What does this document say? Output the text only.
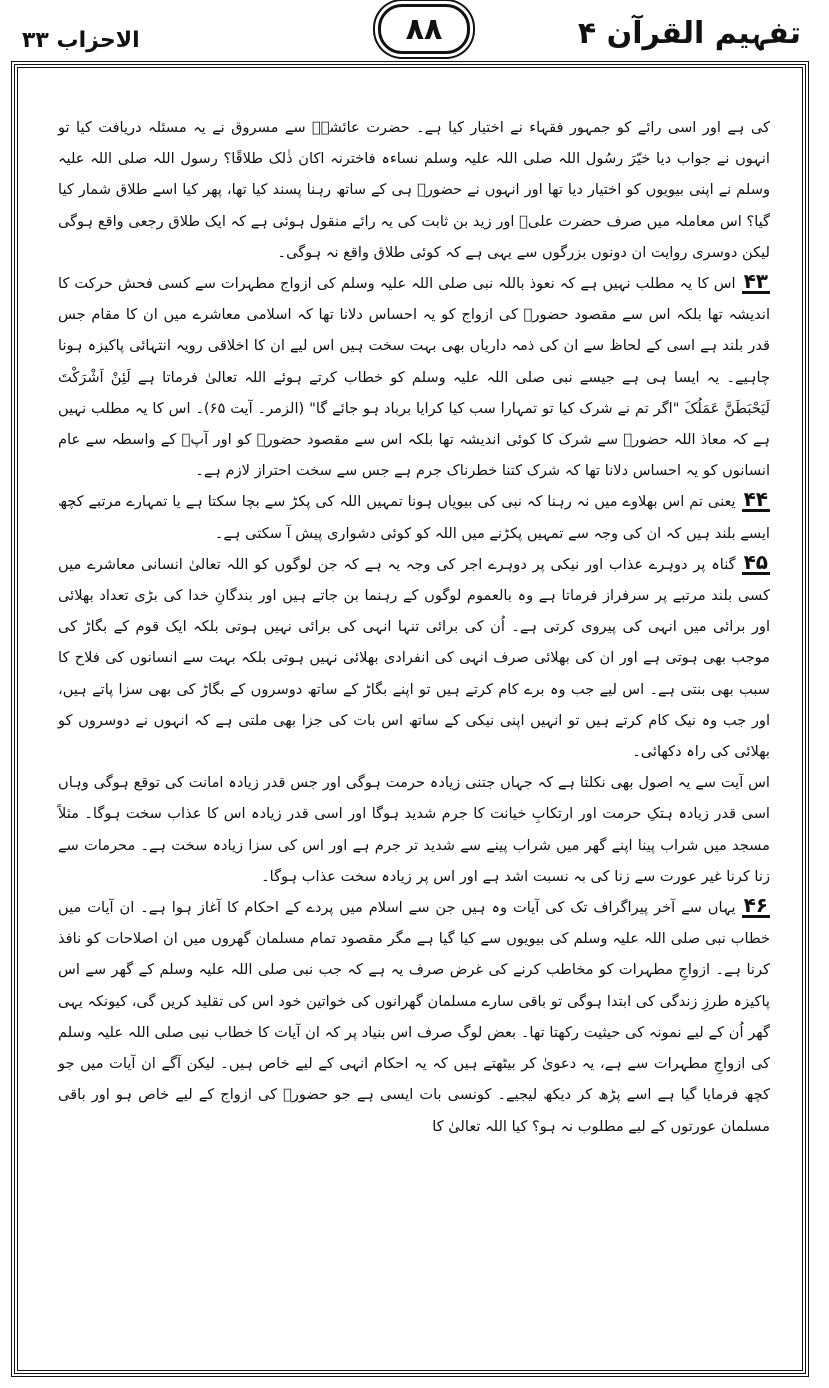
الاحزاب ۳۳	۸۸	تفہیم القرآن ۴

کی ہے اور اسی رائے کو جمہور فقہاء نے اختیار کیا ہے۔ حضرت عائشہؓ سے مسروق نے یہ مسئلہ دریافت کیا تو انہوں نے جواب دیا خیّرَ رسُول اللہ صلی اللہ علیہ وسلم نساءہ فاخترنہ اکان ذٰلک طلاقًا؟ رسول اللہ صلی اللہ علیہ وسلم نے اپنی بیویوں کو اختیار دیا تھا اور انہوں نے حضورؐ ہی کے ساتھ رہنا پسند کیا تھا، پھر کیا اسے طلاق شمار کیا گیا؟ اس معاملہ میں صرف حضرت علیؓ اور زید بن ثابت کی یہ رائے منقول ہوئی ہے کہ ایک طلاق رجعی واقع ہوگی لیکن دوسری روایت ان دونوں بزرگوں سے یہی ہے کہ کوئی طلاق واقع نہ ہوگی۔

۴۳اس کا یہ مطلب نہیں ہے کہ نعوذ باللہ نبی صلی اللہ علیہ وسلم کی ازواج مطہرات سے کسی فحش حرکت کا اندیشہ تھا بلکہ اس سے مقصود حضورؐ کی ازواج کو یہ احساس دلانا تھا کہ اسلامی معاشرے میں ان کا مقام جس قدر بلند ہے اسی کے لحاظ سے ان کی ذمہ داریاں بھی بہت سخت ہیں اس لیے ان کا اخلاقی رویہ انتہائی پاکیزہ ہونا چاہیے۔ یہ ایسا ہی ہے جیسے نبی صلی اللہ علیہ وسلم کو خطاب کرتے ہوئے اللہ تعالیٰ فرماتا ہے لَئِنْ اَشْرَکْتَ لَیَحْبَطَنَّ عَمَلُکَ "اگر تم نے شرک کیا تو تمہارا سب کیا کرایا برباد ہو جائے گا" (الزمر۔ آیت ۶۵)۔ اس کا یہ مطلب نہیں ہے کہ معاذ اللہ حضورؐ سے شرک کا کوئی اندیشہ تھا بلکہ اس سے مقصود حضورؐ کو اور آپؐ کے واسطہ سے عام انسانوں کو یہ احساس دلانا تھا کہ شرک کتنا خطرناک جرم ہے جس سے سخت احتراز لازم ہے۔

۴۴یعنی تم اس بھلاوے میں نہ رہنا کہ نبی کی بیویاں ہونا تمہیں اللہ کی پکڑ سے بچا سکتا ہے یا تمہارے مرتبے کچھ ایسے بلند ہیں کہ ان کی وجہ سے تمہیں پکڑنے میں اللہ کو کوئی دشواری پیش آ سکتی ہے۔

۴۵گناہ پر دوہرے عذاب اور نیکی پر دوہرے اجر کی وجہ یہ ہے کہ جن لوگوں کو اللہ تعالیٰ انسانی معاشرے میں کسی بلند مرتبے پر سرفراز فرماتا ہے وہ بالعموم لوگوں کے رہنما بن جاتے ہیں اور بندگانِ خدا کی بڑی تعداد بھلائی اور برائی میں انہی کی پیروی کرتی ہے۔ اُن کی برائی تنہا انہی کی برائی نہیں ہوتی بلکہ ایک قوم کے بگاڑ کی موجب بھی ہوتی ہے اور ان کی بھلائی صرف انہی کی انفرادی بھلائی نہیں ہوتی بلکہ بہت سے انسانوں کی فلاح کا سبب بھی بنتی ہے۔ اس لیے جب وہ برے کام کرتے ہیں تو اپنے بگاڑ کے ساتھ دوسروں کے بگاڑ کی بھی سزا پاتے ہیں، اور جب وہ نیک کام کرتے ہیں تو انہیں اپنی نیکی کے ساتھ اس بات کی جزا بھی ملتی ہے کہ انہوں نے دوسروں کو بھلائی کی راہ دکھائی۔

اس آیت سے یہ اصول بھی نکلتا ہے کہ جہاں جتنی زیادہ حرمت ہوگی اور جس قدر زیادہ امانت کی توقع ہوگی وہاں اسی قدر زیادہ ہتکِ حرمت اور ارتکابِ خیانت کا جرم شدید ہوگا اور اسی قدر زیادہ اس کا عذاب سخت ہوگا۔ مثلاً مسجد میں شراب پینا اپنے گھر میں شراب پینے سے شدید تر جرم ہے اور اس کی سزا زیادہ سخت ہے۔ محرمات سے زنا کرنا غیر عورت سے زنا کی بہ نسبت اشد ہے اور اس پر زیادہ سخت عذاب ہوگا۔

۴۶یہاں سے آخر پیراگراف تک کی آیات وہ ہیں جن سے اسلام میں پردے کے احکام کا آغاز ہوا ہے۔ ان آیات میں خطاب نبی صلی اللہ علیہ وسلم کی بیویوں سے کیا گیا ہے مگر مقصود تمام مسلمان گھروں میں ان اصلاحات کو نافذ کرنا ہے۔ ازواجِ مطہرات کو مخاطب کرنے کی غرض صرف یہ ہے کہ جب نبی صلی اللہ علیہ وسلم کے گھر سے اس پاکیزہ طرزِ زندگی کی ابتدا ہوگی تو باقی سارے مسلمان گھرانوں کی خواتین خود اس کی تقلید کریں گی، کیونکہ یہی گھر اُن کے لیے نمونہ کی حیثیت رکھتا تھا۔ بعض لوگ صرف اس بنیاد پر کہ ان آیات کا خطاب نبی صلی اللہ علیہ وسلم کی ازواجِ مطہرات سے ہے، یہ دعویٰ کر بیٹھتے ہیں کہ یہ احکام انہی کے لیے خاص ہیں۔ لیکن آگے ان آیات میں جو کچھ فرمایا گیا ہے اسے پڑھ کر دیکھ لیجیے۔ کونسی بات ایسی ہے جو حضورؐ کی ازواج کے لیے خاص ہو اور باقی مسلمان عورتوں کے لیے مطلوب نہ ہو؟ کیا اللہ تعالیٰ کا
